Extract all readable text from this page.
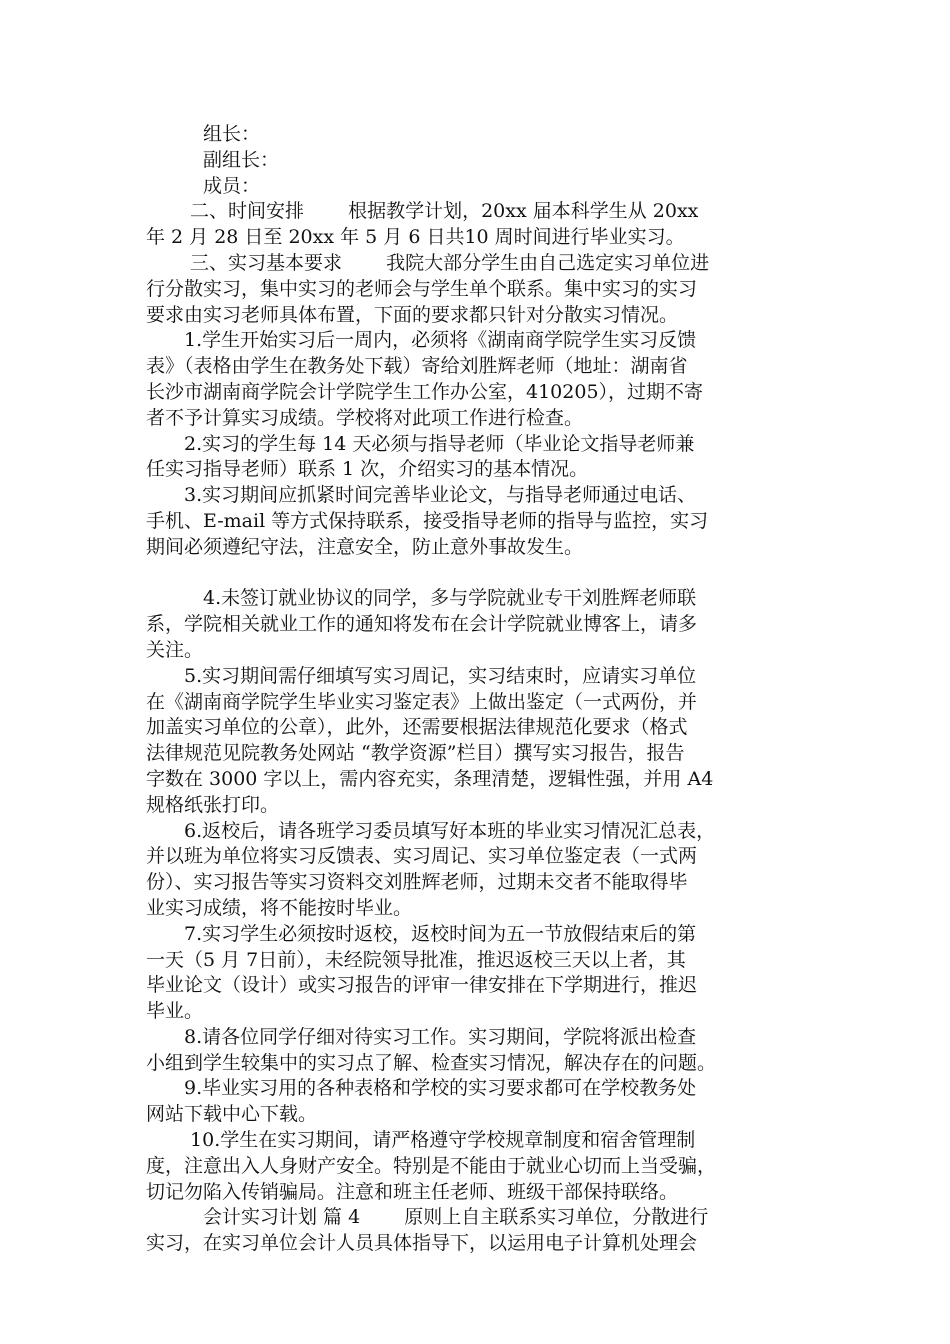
　　　组长：
　　　副组长：
　　　成员：
　　 二、时间安排　　 根据教学计划，20xx 届本科学生从 20xx
年 2 月 28 日至 20xx 年 5 月 6 日共10 周时间进行毕业实习。
　　 三、实习基本要求　　 我院大部分学生由自己选定实习单位进
行分散实习，集中实习的老师会与学生单个联系。集中实习的实习
要求由实习老师具体布置，下面的要求都只针对分散实习情况。
　　1.学生开始实习后一周内，必须将《湖南商学院学生实习反馈
表》（表格由学生在教务处下载）寄给刘胜辉老师（地址：湖南省
长沙市湖南商学院会计学院学生工作办公室，410205），过期不寄
者不予计算实习成绩。学校将对此项工作进行检查。
　　2.实习的学生每 14 天必须与指导老师（毕业论文指导老师兼
任实习指导老师）联系 1 次，介绍实习的基本情况。
　　3.实习期间应抓紧时间完善毕业论文，与指导老师通过电话、
手机、E-mail 等方式保持联系，接受指导老师的指导与监控，实习
期间必须遵纪守法，注意安全，防止意外事故发生。
　　　4.未签订就业协议的同学，多与学院就业专干刘胜辉老师联
系，学院相关就业工作的通知将发布在会计学院就业博客上，请多
关注。
　　5.实习期间需仔细填写实习周记，实习结束时，应请实习单位
在《湖南商学院学生毕业实习鉴定表》上做出鉴定（一式两份，并
加盖实习单位的公章），此外，还需要根据法律规范化要求（格式
法律规范见院教务处网站 “教学资源”栏目）撰写实习报告，报告
字数在 3000 字以上，需内容充实，条理清楚，逻辑性强，并用 A4
规格纸张打印。
　　6.返校后，请各班学习委员填写好本班的毕业实习情况汇总表，
并以班为单位将实习反馈表、实习周记、实习单位鉴定表（一式两
份）、实习报告等实习资料交刘胜辉老师，过期未交者不能取得毕
业实习成绩，将不能按时毕业。
　　7.实习学生必须按时返校，返校时间为五一节放假结束后的第
一天（5 月 7日前），未经院领导批准，推迟返校三天以上者，其
毕业论文（设计）或实习报告的评审一律安排在下学期进行，推迟
毕业。
　　8.请各位同学仔细对待实习工作。实习期间，学院将派出检查
小组到学生较集中的实习点了解、检查实习情况，解决存在的问题。
　　9.毕业实习用的各种表格和学校的实习要求都可在学校教务处
网站下载中心下载。
　　 10.学生在实习期间，请严格遵守学校规章制度和宿舍管理制
度，注意出入人身财产安全。特别是不能由于就业心切而上当受骗，
切记勿陷入传销骗局。注意和班主任老师、班级干部保持联络。
　　　会计实习计划 篇 4　　 原则上自主联系实习单位，分散进行
实习，在实习单位会计人员具体指导下，以运用电子计算机处理会
